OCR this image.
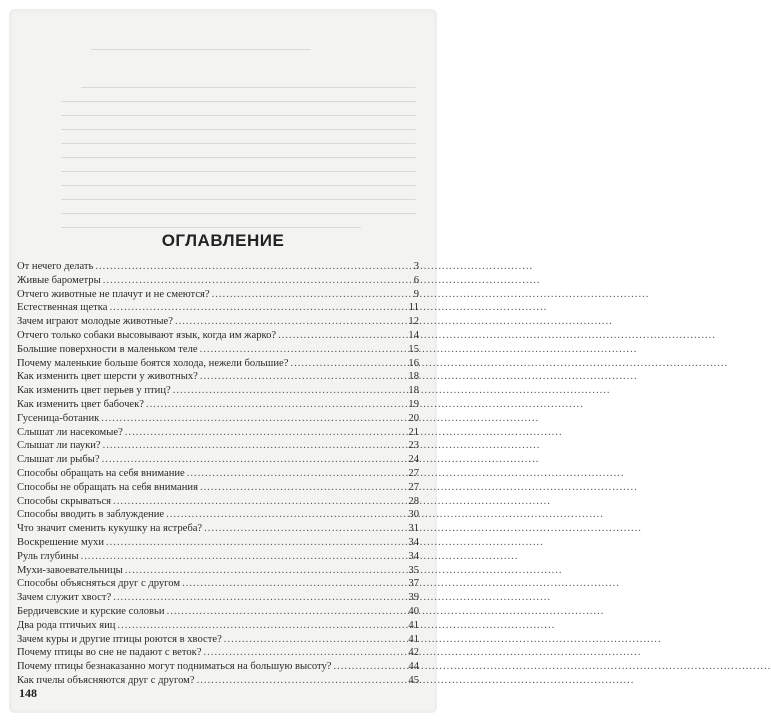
ОГЛАВЛЕНИЕ
От нечего делать .....	3
Живые барометры .....	6
Отчего животные не плачут и не смеются? .....	9
Естественная щетка .....	11
Зачем играют молодые животные? .....	12
Отчего только собаки высовывают язык, когда им жарко? .....	14
Большие поверхности в маленьком теле .....	15
Почему маленькие больше боятся холода, нежели большие? .....	16
Как изменить цвет шерсти у животных? .....	18
Как изменить цвет перьев у птиц? .....	18
Как изменить цвет бабочек? .....	19
Гусеница-ботаник .....	20
Слышат ли насекомые? .....	21
Слышат ли пауки? .....	23
Слышат ли рыбы? .....	24
Способы обращать на себя внимание .....	27
Способы не обращать на себя внимания .....	27
Способы скрываться .....	28
Способы вводить в заблуждение .....	30
Что значит сменить кукушку на ястреба? .....	31
Воскрешение мухи .....	34
Руль глубины .....	34
Мухи-завоевательницы .....	35
Способы объясняться друг с другом .....	37
Зачем служит хвост? .....	39
Бердичевские и курские соловьи .....	40
Два рода птичьих яиц .....	41
Зачем куры и другие птицы роются в хвосте? .....	41
Почему птицы во сне не падают с веток? .....	42
Почему птицы безнаказанно могут подниматься на большую высоту? .....	44
Как пчелы объясняются друг с другом? .....	45
148
